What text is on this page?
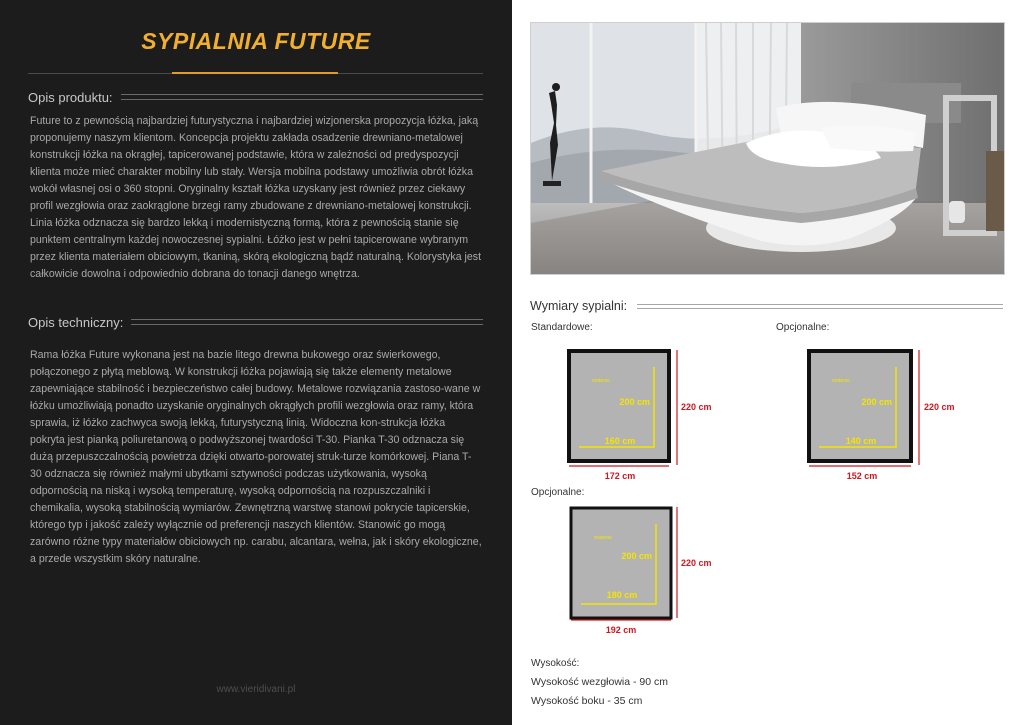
SYPIALNIA FUTURE
Opis produktu:

Future to z pewnością najbardziej futurystyczna i najbardziej wizjonerska propozycja łóżka, jaką proponujemy naszym klientom. Koncepcja projektu zakłada osadzenie drewniano-metalowej konstrukcji łóżka na okrągłej, tapicerowanej podstawie, która w zależności od predyspozycji klienta może mieć charakter mobilny lub stały. Wersja mobilna podstawy umożliwia obrót łóżka wokół własnej osi o 360 stopni. Oryginalny kształt łóżka uzyskany jest również przez ciekawy profil wezgłowia oraz zaokrąglone brzegi ramy zbudowane z drewniano-metalowej konstrukcji. Linia łóżka odznacza się bardzo lekką i modernistyczną formą, która z pewnością stanie się punktem centralnym każdej nowoczesnej sypialni. Łóżko jest w pełni tapicerowane wybranym przez klienta materiałem obiciowym, tkaniną, skórą ekologiczną bądź naturalną. Kolorystyka jest całkowicie dowolna i odpowiednio dobrana do tonacji danego wnętrza.

Opis techniczny:

Rama łóżka Future wykonana jest na bazie litego drewna bukowego oraz świerkowego, połączonego z płytą meblową. W konstrukcji łóżka pojawiają się także elementy metalowe zapewniające stabilność i bezpieczeństwo całej budowy. Metalowe rozwiązania zastoso-wane w łóżku umożliwiają ponadto uzyskanie oryginalnych okrągłych profili wezgłowia oraz ramy, która sprawia, iż łóżko zachwyca swoją lekką, futurystyczną linią. Widoczna kon-strukcja łóżka pokryta jest pianką poliuretanową o podwyższonej twardości T-30. Pianka T-30 odznacza się dużą przepuszczalnością powietrza dzięki otwarto-porowatej struk-turze komórkowej. Piana T-30 odznacza się również małymi ubytkami sztywności podczas użytkowania, wysoką odpornością na niską i wysoką temperaturę, wysoką odpornością na rozpuszczalniki i chemikalia, wysoką stabilnością wymiarów. Zewnętrzną warstwę stanowi pokrycie tapicerskie, którego typ i jakość zależy wyłącznie od preferencji naszych klientów. Stanowić go mogą zarówno różne typy materiałów obiciowych np. carabu, alcantara, wełna, jak i skóry ekologiczne, a przede wszystkim skóry naturalne.

www.vieridivani.pl
Wymiary sypialni:
Standardowe:	Opcjonalne:
Opcjonalne:
materac
200 cm
160 cm
220 cm
172 cm
materac
200 cm
140 cm
220 cm
152 cm
materac
200 cm
180 cm
220 cm
192 cm
Wysokość:
Wysokość wezgłowia - 90 cm
Wysokość boku - 35 cm
